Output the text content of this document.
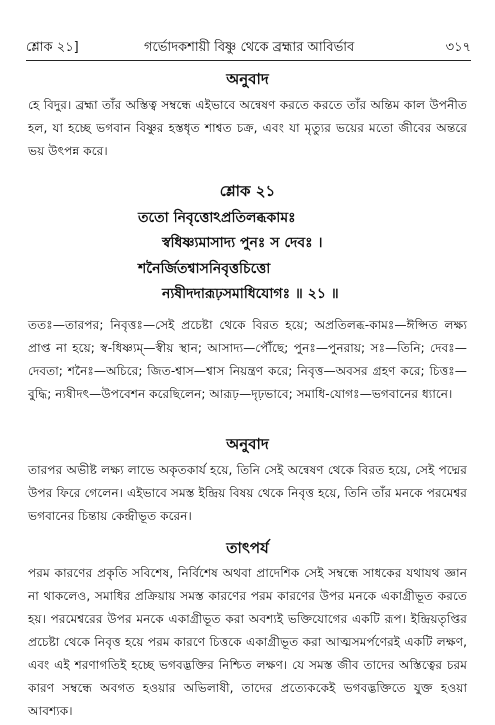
শ্লোক ২১]	গর্ভোদকশায়ী বিষ্ণু থেকে ব্রহ্মার আবির্ভাব	৩১৭
অনুবাদ
হে বিদুর। ব্রহ্মা তাঁর অস্তিত্ব সম্বন্ধে এইভাবে অন্বেষণ করতে করতে তাঁর অন্তিম কাল উপনীত হল, যা হচ্ছে ভগবান বিষ্ণুর হস্তধৃত শাশ্বত চক্র, এবং যা মৃত্যুর ভয়ের মতো জীবের অন্তরে ভয় উৎপন্ন করে।
শ্লোক ২১
ততো নিবৃত্তোঽপ্রতিলব্ধকামঃ
স্বধিষ্ণ্যমাসাদ্য পুনঃ স দেবঃ ।
শনৈর্জিতশ্বাসনিবৃত্তচিত্তো
ন্যষীদদারূঢ়সমাধিযোগঃ ॥ ২১ ॥
ততঃ—তারপর; নিবৃত্তঃ—সেই প্রচেষ্টা থেকে বিরত হয়ে; অপ্রতিলব্ধ-কামঃ—ঈপ্সিত লক্ষ্য প্রাপ্ত না হয়ে; স্ব-ধিষ্ণ্যম্—স্বীয় স্থান; আসাদ্য—পৌঁছে; পুনঃ—পুনরায়; সঃ—তিনি; দেবঃ—দেবতা; শনৈঃ—অচিরে; জিত-শ্বাস—শ্বাস নিয়ন্ত্রণ করে; নিবৃত্ত—অবসর গ্রহণ করে; চিত্তঃ—বুদ্ধি; ন্যষীদৎ—উপবেশন করেছিলেন; আরূঢ়—দৃঢ়ভাবে; সমাধি-যোগঃ—ভগবানের ধ্যানে।
অনুবাদ
তারপর অভীষ্ট লক্ষ্য লাভে অকৃতকার্য হয়ে, তিনি সেই অন্বেষণ থেকে বিরত হয়ে, সেই পদ্মের উপর ফিরে গেলেন। এইভাবে সমস্ত ইন্দ্রিয় বিষয় থেকে নিবৃত্ত হয়ে, তিনি তাঁর মনকে পরমেশ্বর ভগবানের চিন্তায় কেন্দ্রীভূত করেন।
তাৎপর্য
পরম কারণের প্রকৃতি সবিশেষ, নির্বিশেষ অথবা প্রাদেশিক সেই সম্বন্ধে সাধকের যথাযথ জ্ঞান না থাকলেও, সমাধির প্রক্রিয়ায় সমস্ত কারণের পরম কারণের উপর মনকে একাগ্রীভূত করতে হয়। পরমেশ্বরের উপর মনকে একাগ্রীভূত করা অবশ্যই ভক্তিযোগের একটি রূপ। ইন্দ্রিয়তৃপ্তির প্রচেষ্টা থেকে নিবৃত্ত হয়ে পরম কারণে চিত্তকে একাগ্রীভূত করা আত্মসমর্পণেরই একটি লক্ষণ, এবং এই শরণাগতিই হচ্ছে ভগবদ্ভক্তির নিশ্চিত লক্ষণ। যে সমস্ত জীব তাদের অস্তিত্বের চরম কারণ সম্বন্ধে অবগত হওয়ার অভিলাষী, তাদের প্রত্যেককেই ভগবদ্ভক্তিতে যুক্ত হওয়া আবশ্যক।
